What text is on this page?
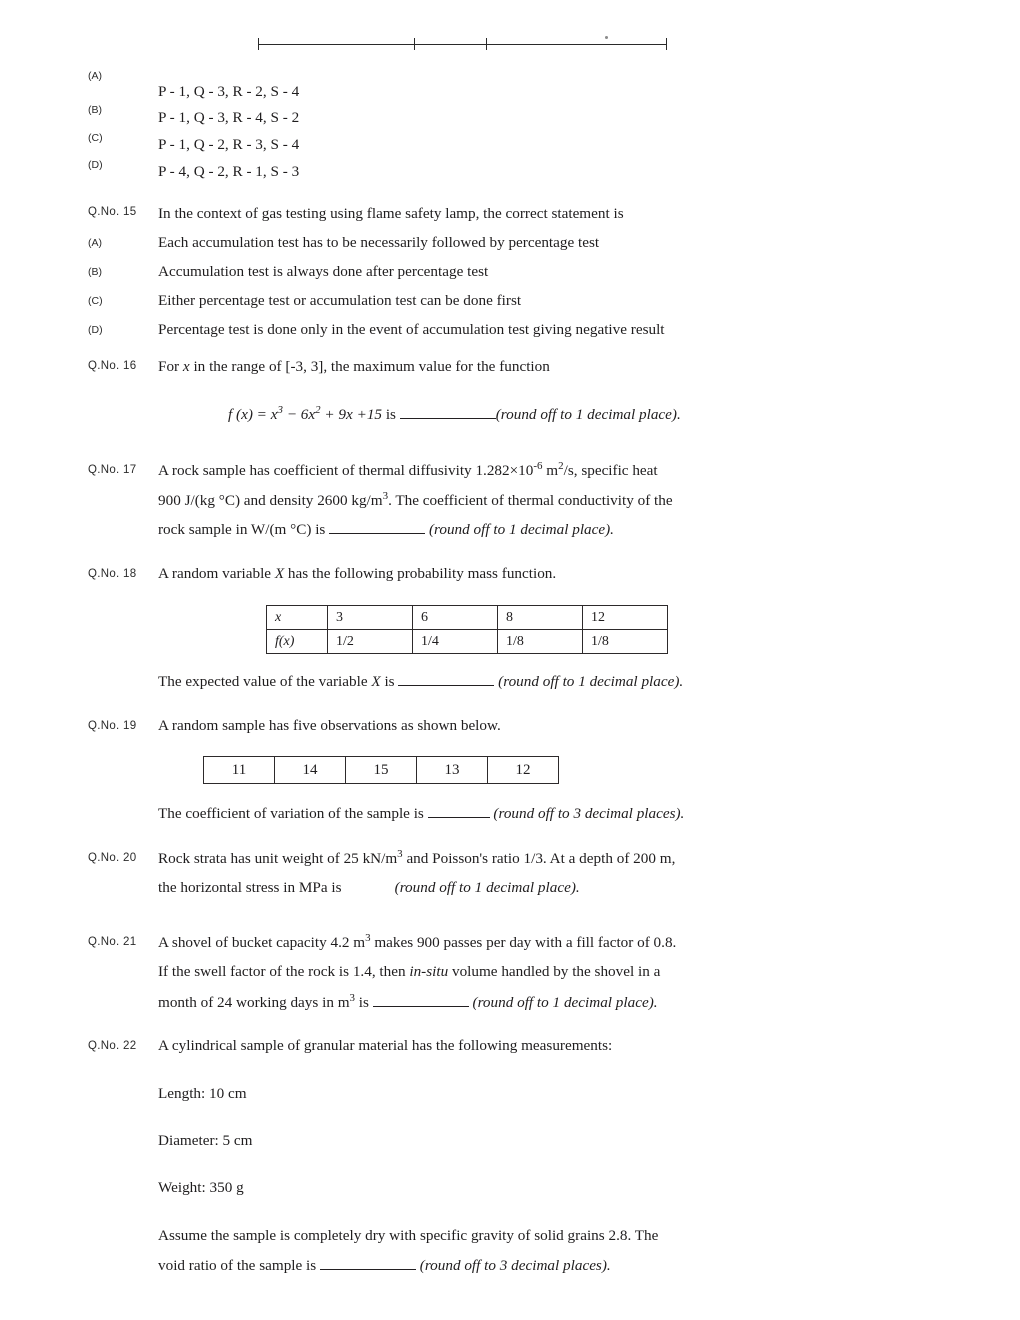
(A)
P - 1, Q - 3, R - 2, S - 4
(B)	P - 1, Q - 3, R - 4, S - 2
(C)	P - 1, Q - 2, R - 3, S - 4
(D)	P - 4, Q - 2, R - 1, S - 3
Q.No. 15	In the context of gas testing using flame safety lamp, the correct statement is
(A)	Each accumulation test has to be necessarily followed by percentage test
(B)	Accumulation test is always done after percentage test
(C)	Either percentage test or accumulation test can be done first
(D)	Percentage test is done only in the event of accumulation test giving negative result
Q.No. 16	For x in the range of [-3, 3], the maximum value for the function
f $(x) = x^3 - 6x^2 + 9x +15$ is	(round off to 1 decimal place).
Q.No. 17	A rock sample has coefficient of thermal diffusivity $1.282\times 10^{-6}$ $m^2/s$, specific heat
900 J/(kg °C) and density 2600 $kg/m^3$. The coefficient of thermal conductivity of the
rock sample in W/(m °C) is	(round off to 1 decimal place).
Q.No. 18	A random variable X has the following probability mass function.
x	3	6	8	12
f(x)	1/2	1/4	1/8	1/8
The expected value of the variable X is	(round off to 1 decimal place).
Q.No. 19	A random sample has five observations as shown below.
11	14	15	13	12
The coefficient of variation of the sample is	(round off to 3 decimal places).
Q.No. 20	Rock strata has unit weight of 25 $kN/m^3$ and Poisson's ratio 1/3. At a depth of 200 m,
the horizontal stress in MPa is	(round off to 1 decimal place).
Q.No. 21	A shovel of bucket capacity 4.2 $m^3$ makes 900 passes per day with a fill factor of 0.8.
If the swell factor of the rock is 1.4, then in-situ volume handled by the shovel in a
month of 24 working days in $m^3$ is	(round off to 1 decimal place).
Q.No. 22	A cylindrical sample of granular material has the following measurements:
Length: 10 cm
Diameter: 5 cm
Weight: 350 g
Assume the sample is completely dry with specific gravity of solid grains 2.8. The
void ratio of the sample is	(round off to 3 decimal places).
